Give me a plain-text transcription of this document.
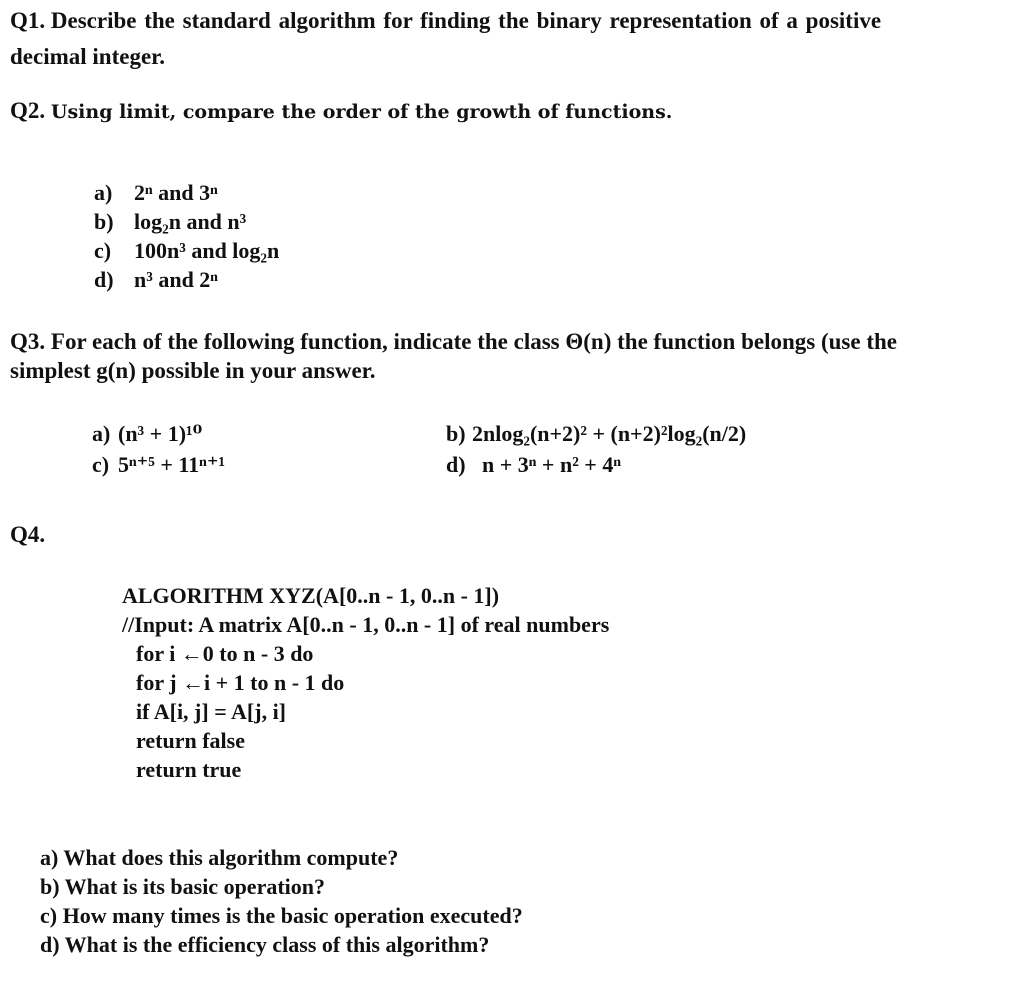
Q1. Describe the standard algorithm for finding the binary representation of a positive
decimal integer.
Q2. Using limit, compare the order of the growth of functions.
a) 2ⁿ and 3ⁿ
b) log₂n and n³
c) 100n³ and log₂n
d) n³ and 2ⁿ
Q3. For each of the following function, indicate the class Θ(n) the function belongs (use the
simplest g(n) possible in your answer.
a) (n³ + 1)¹⁰	b) 2nlog₂(n+2)² + (n+2)²log₂(n/2)
c) 5ⁿ⁺⁵ + 11ⁿ⁺¹	d) n + 3ⁿ + n² + 4ⁿ
Q4.
ALGORITHM XYZ(A[0..n - 1, 0..n - 1])
//Input: A matrix A[0..n - 1, 0..n - 1] of real numbers
for i ←0 to n - 3 do
for j ←i + 1 to n - 1 do
if A[i, j] = A[j, i]
return false
return true
a) What does this algorithm compute?
b) What is its basic operation?
c) How many times is the basic operation executed?
d) What is the efficiency class of this algorithm?
